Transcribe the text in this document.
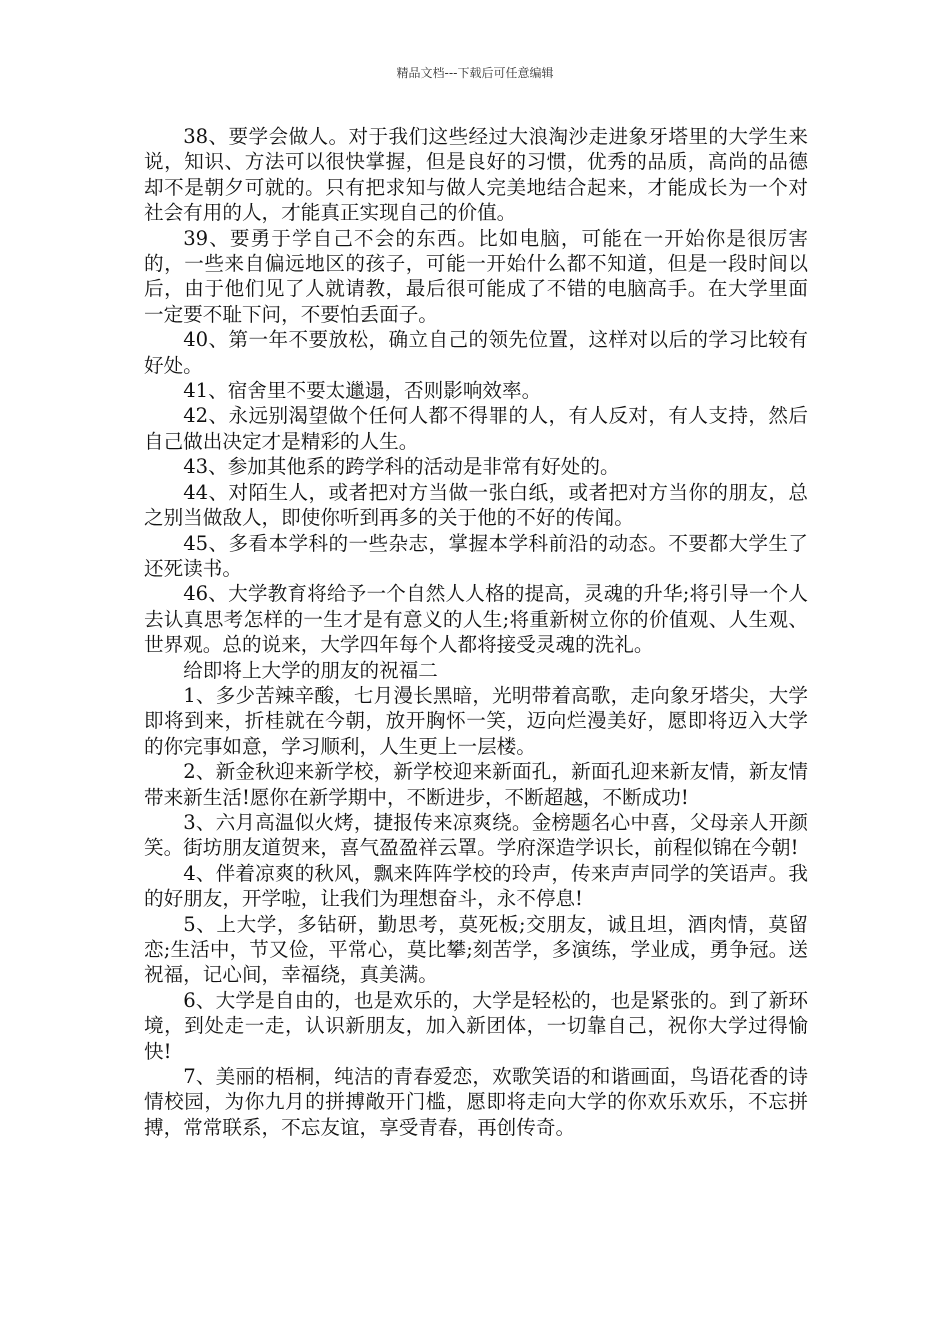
精品文档---下载后可任意编辑

38、要学会做人。对于我们这些经过大浪淘沙走进象牙塔里的大学生来说，知识、方法可以很快掌握，但是良好的习惯，优秀的品质，高尚的品德却不是朝夕可就的。只有把求知与做人完美地结合起来，才能成长为一个对社会有用的人，才能真正实现自己的价值。

39、要勇于学自己不会的东西。比如电脑，可能在一开始你是很厉害的，一些来自偏远地区的孩子，可能一开始什么都不知道，但是一段时间以后，由于他们见了人就请教，最后很可能成了不错的电脑高手。在大学里面一定要不耻下问，不要怕丢面子。

40、第一年不要放松，确立自己的领先位置，这样对以后的学习比较有好处。

41、宿舍里不要太邋遢，否则影响效率。

42、永远别渴望做个任何人都不得罪的人，有人反对，有人支持，然后自己做出决定才是精彩的人生。

43、参加其他系的跨学科的活动是非常有好处的。

44、对陌生人，或者把对方当做一张白纸，或者把对方当你的朋友，总之别当做敌人，即使你听到再多的关于他的不好的传闻。

45、多看本学科的一些杂志，掌握本学科前沿的动态。不要都大学生了还死读书。

46、大学教育将给予一个自然人人格的提高，灵魂的升华;将引导一个人去认真思考怎样的一生才是有意义的人生;将重新树立你的价值观、人生观、世界观。总的说来，大学四年每个人都将接受灵魂的洗礼。

给即将上大学的朋友的祝福二

1、多少苦辣辛酸，七月漫长黑暗，光明带着高歌，走向象牙塔尖，大学即将到来，折桂就在今朝，放开胸怀一笑，迈向烂漫美好，愿即将迈入大学的你完事如意，学习顺利，人生更上一层楼。

2、新金秋迎来新学校，新学校迎来新面孔，新面孔迎来新友情，新友情带来新生活!愿你在新学期中，不断进步，不断超越，不断成功!

3、六月高温似火烤，捷报传来凉爽绕。金榜题名心中喜，父母亲人开颜笑。街坊朋友道贺来，喜气盈盈祥云罩。学府深造学识长，前程似锦在今朝!

4、伴着凉爽的秋风，飘来阵阵学校的玲声，传来声声同学的笑语声。我的好朋友，开学啦，让我们为理想奋斗，永不停息!

5、上大学，多钻研，勤思考，莫死板;交朋友，诚且坦，酒肉情，莫留恋;生活中，节又俭，平常心，莫比攀;刻苦学，多演练，学业成，勇争冠。送祝福，记心间，幸福绕，真美满。

6、大学是自由的，也是欢乐的，大学是轻松的，也是紧张的。到了新环境，到处走一走，认识新朋友，加入新团体，一切靠自己，祝你大学过得愉快!

7、美丽的梧桐，纯洁的青春爱恋，欢歌笑语的和谐画面，鸟语花香的诗情校园，为你九月的拼搏敞开门槛，愿即将走向大学的你欢乐欢乐，不忘拼搏，常常联系，不忘友谊，享受青春，再创传奇。
